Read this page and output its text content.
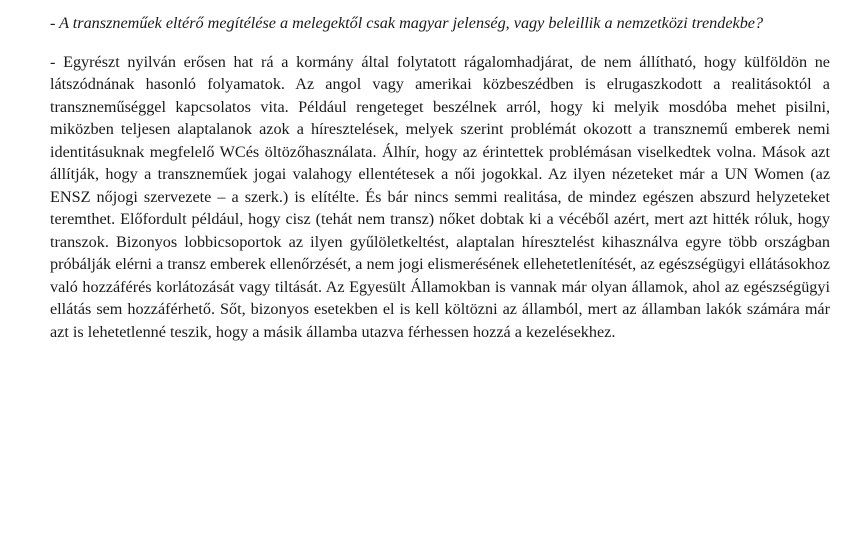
- A transzneműek eltérő megítélése a melegektől csak magyar jelenség, vagy beleillik a nemzetközi trendekbe?

- Egyrészt nyilván erősen hat rá a kormány által folytatott rágalomhadjárat, de nem állítható, hogy külföldön ne látszódnának hasonló folyamatok. Az angol vagy amerikai közbeszédben is elrugaszkodott a realitásoktól a transzneműséggel kapcsolatos vita. Például rengeteget beszélnek arról, hogy ki melyik mosdóba mehet pisilni, miközben teljesen alaptalanok azok a híresztelések, melyek szerint problémát okozott a transznemű emberek nemi identitásuknak megfelelő WCés öltözőhasználata. Álhír, hogy az érintettek problémásan viselkedtek volna. Mások azt állítják, hogy a transzneműek jogai valahogy ellentétesek a női jogokkal. Az ilyen nézeteket már a UN Women (az ENSZ nőjogi szervezete – a szerk.) is elítélte. És bár nincs semmi realitása, de mindez egészen abszurd helyzeteket teremthet. Előfordult például, hogy cisz (tehát nem transz) nőket dobtak ki a vécéből azért, mert azt hitték róluk, hogy transzok. Bizonyos lobbicsoportok az ilyen gyűlöletkeltést, alaptalan híresztelést kihasználva egyre több országban próbálják elérni a transz emberek ellenőrzését, a nem jogi elismerésének ellehetetlenítését, az egészségügyi ellátásokhoz való hozzáférés korlátozását vagy tiltását. Az Egyesült Államokban is vannak már olyan államok, ahol az egészségügyi ellátás sem hozzáférhető. Sőt, bizonyos esetekben el is kell költözni az államból, mert az államban lakók számára már azt is lehetetlenné teszik, hogy a másik államba utazva férhessen hozzá a kezelésekhez.
